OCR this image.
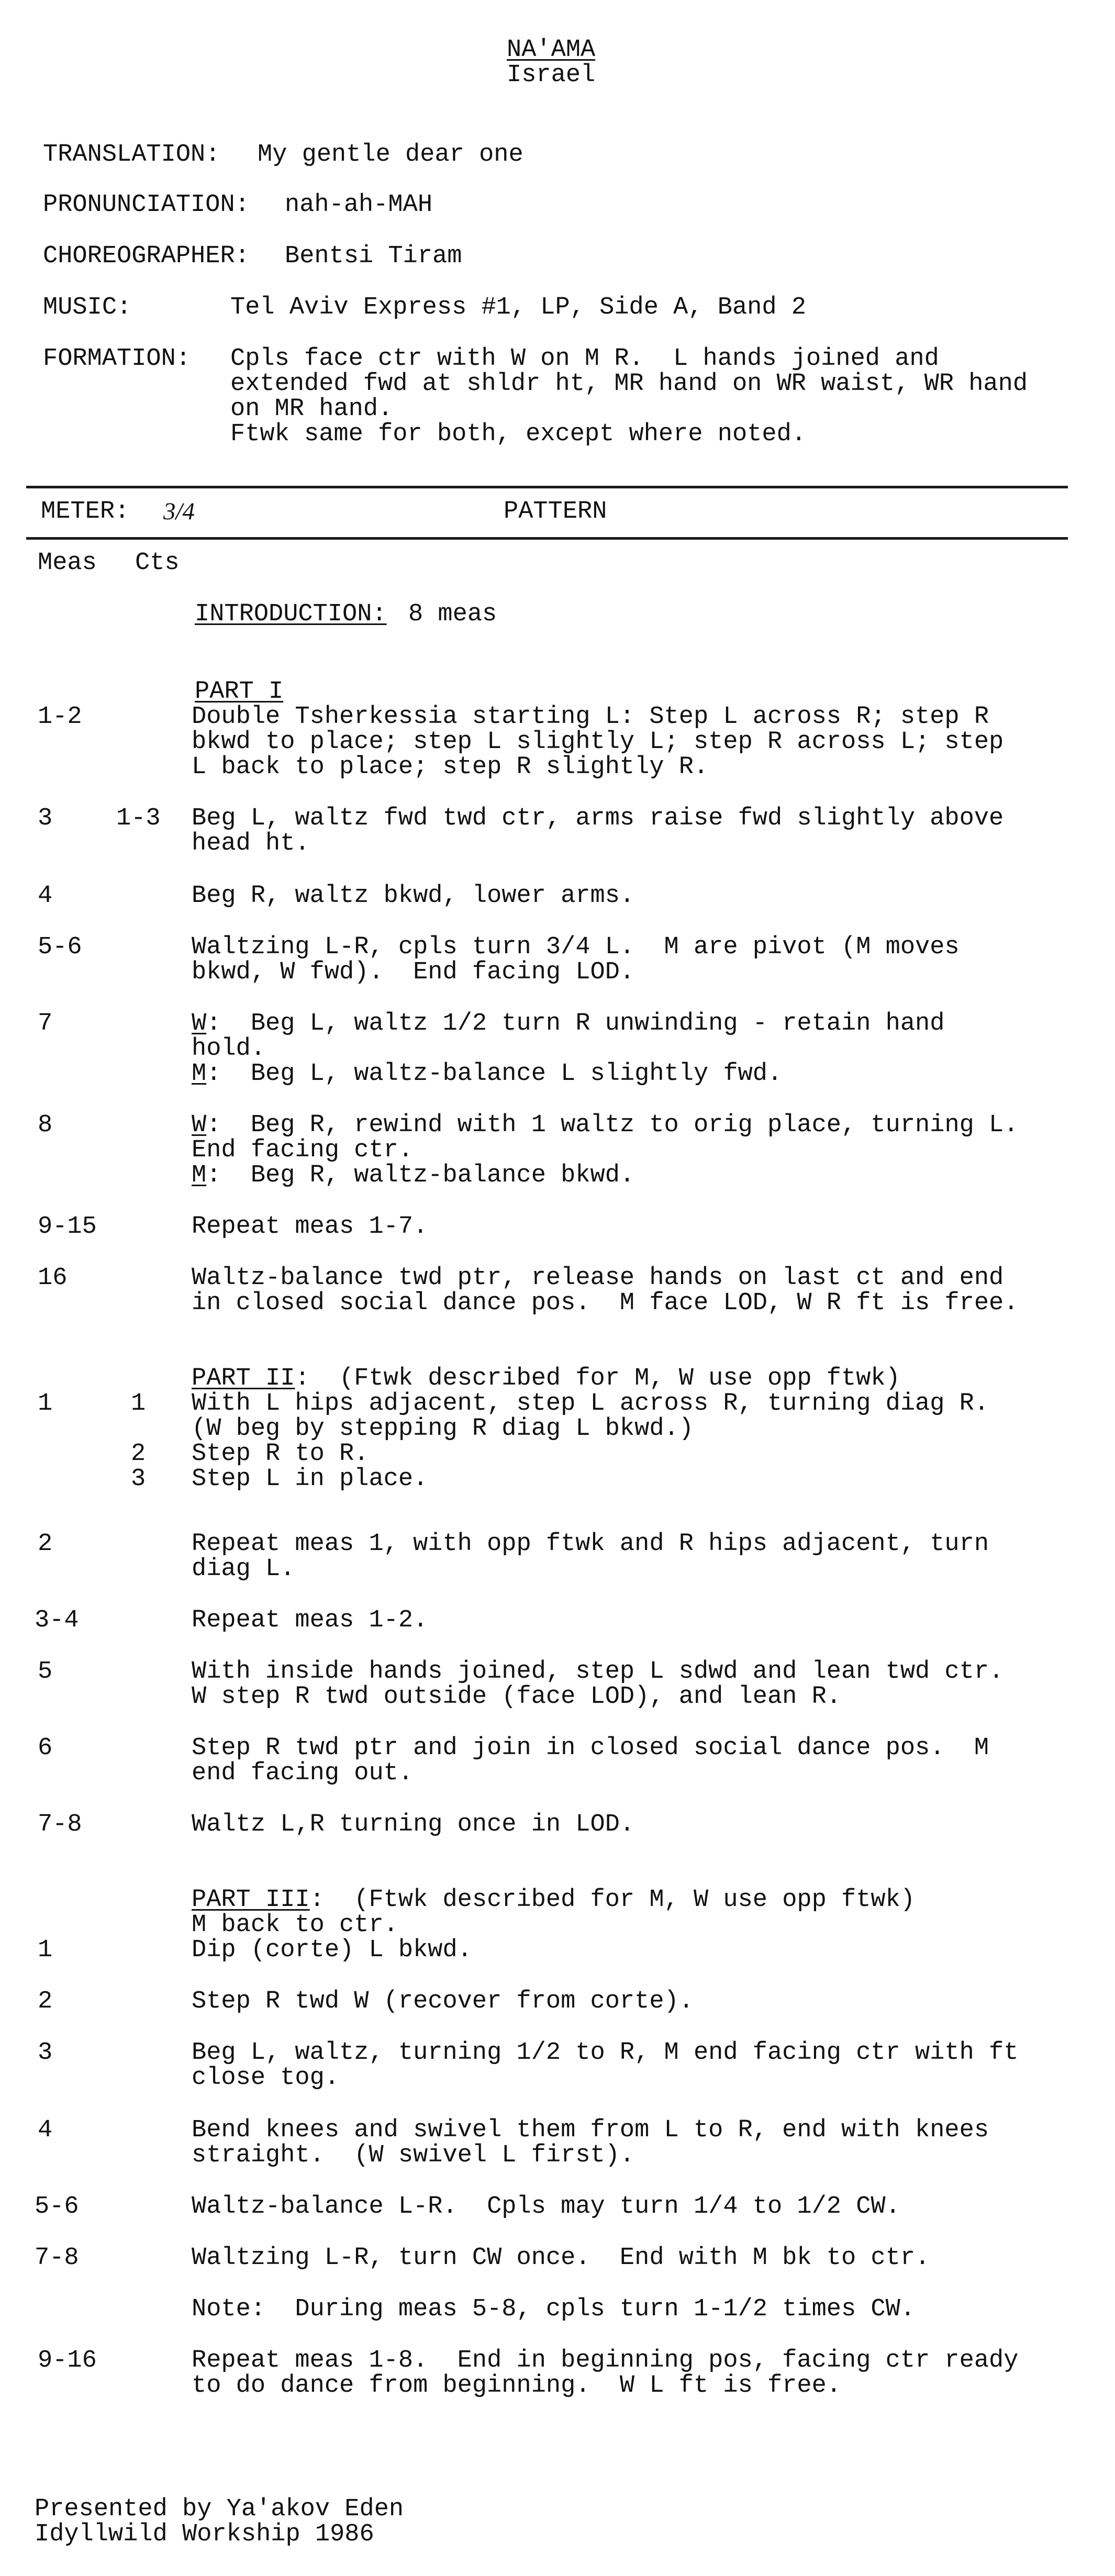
NA'AMA
Israel
TRANSLATION: My gentle dear one
PRONUNCIATION: nah-ah-MAH
CHOREOGRAPHER: Bentsi Tiram
MUSIC:	Tel Aviv Express #1, LP, Side A, Band 2
FORMATION: Cpls face ctr with W on M R.  L hands joined and
extended fwd at shldr ht, MR hand on WR waist, WR hand
on MR hand.
Ftwk same for both, except where noted.
METER: 3/4	PATTERN
Meas Cts
INTRODUCTION: 8 meas
PART I
1-2	Double Tsherkessia starting L: Step L across R; step R
bkwd to place; step L slightly L; step R across L; step
L back to place; step R slightly R.
3	1-3 Beg L, waltz fwd twd ctr, arms raise fwd slightly above
head ht.
4	Beg R, waltz bkwd, lower arms.
5-6	Waltzing L-R, cpls turn 3/4 L.  M are pivot (M moves
bkwd, W fwd).  End facing LOD.
7	W:  Beg L, waltz 1/2 turn R unwinding - retain hand
hold.
M:  Beg L, waltz-balance L slightly fwd.
8	W:  Beg R, rewind with 1 waltz to orig place, turning L.
End facing ctr.
M:  Beg R, waltz-balance bkwd.
9-15	Repeat meas 1-7.
16	Waltz-balance twd ptr, release hands on last ct and end
in closed social dance pos.  M face LOD, W R ft is free.
PART II:  (Ftwk described for M, W use opp ftwk)
1	1 With L hips adjacent, step L across R, turning diag R.
(W beg by stepping R diag L bkwd.)
2 Step R to R.
3 Step L in place.
2	Repeat meas 1, with opp ftwk and R hips adjacent, turn
diag L.
3-4	Repeat meas 1-2.
5	With inside hands joined, step L sdwd and lean twd ctr.
W step R twd outside (face LOD), and lean R.
6	Step R twd ptr and join in closed social dance pos.  M
end facing out.
7-8	Waltz L,R turning once in LOD.
PART III:  (Ftwk described for M, W use opp ftwk)
M back to ctr.
1	Dip (corte) L bkwd.
2	Step R twd W (recover from corte).
3	Beg L, waltz, turning 1/2 to R, M end facing ctr with ft
close tog.
4	Bend knees and swivel them from L to R, end with knees
straight.  (W swivel L first).
5-6	Waltz-balance L-R.  Cpls may turn 1/4 to 1/2 CW.
7-8	Waltzing L-R, turn CW once.  End with M bk to ctr.
Note:  During meas 5-8, cpls turn 1-1/2 times CW.
9-16	Repeat meas 1-8.  End in beginning pos, facing ctr ready
to do dance from beginning.  W L ft is free.
Presented by Ya'akov Eden
Idyllwild Workship 1986
